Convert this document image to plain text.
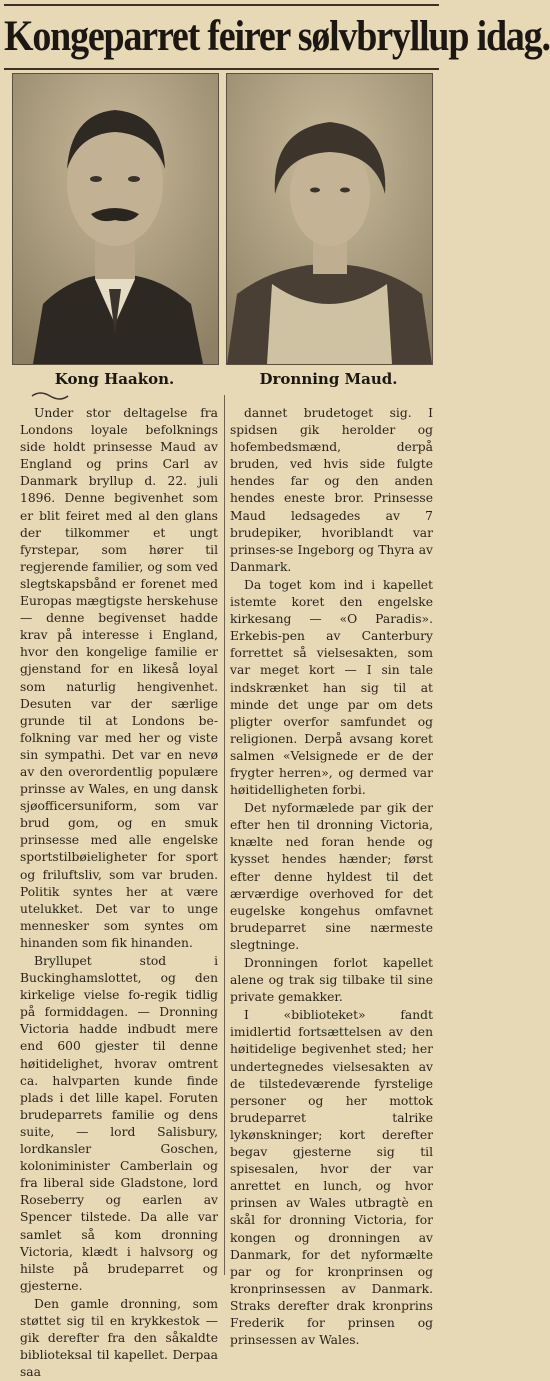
Kongeparret feirer sølvbryllup idag.
Kong Haakon.	Dronning Maud.

Under stor deltagelse fra Londons loyale befolknings side holdt prinsesse Maud av England og prins Carl av Danmark bryllup d. 22. juli 1896. Denne begivenhet som er blit feiret med al den glans der tilkommer et ungt fyrstepar, som hører til regjerende familier, og som ved slegtskapsbånd er forenet med Europas mægtigste herskehuse — denne begivenset hadde krav på interesse i England, hvor den kongelige familie er gjenstand for en likeså loyal som naturlig hengivenhet. Desuten var der særlige grunde til at Londons be-folkning var med her og viste sin sympathi. Det var en nevø av den overordentlig populære prinsse av Wales, en ung dansk sjøofficersuniform, som var brud gom, og en smuk prinsesse med alle engelske sportstilbøieligheter for sport og friluftsliv, som var bruden. Politik syntes her at være utelukket. Det var to unge mennesker som syntes om hinanden som fik hinanden.

Bryllupet stod i Buckinghamslottet, og den kirkelige vielse fo-regik tidlig på formiddagen. — Dronning Victoria hadde indbudt mere end 600 gjester til denne høitidelighet, hvorav omtrent ca. halvparten kunde finde plads i det lille kapel. Foruten brudeparrets familie og dens suite, — lord Salisbury, lordkansler Goschen, koloniminister Camberlain og fra liberal side Gladstone, lord Roseberry og earlen av Spencer tilstede. Da alle var samlet så kom dronning Victoria, klædt i halvsorg og hilste på brudeparret og gjesterne.

Den gamle dronning, som støttet sig til en krykkestok — gik derefter fra den såkaldte biblioteksal til kapellet. Derpaa saa

dannet brudetoget sig. I spidsen gik herolder og hofembedsmænd, derpå bruden, ved hvis side fulgte hendes far og den anden hendes eneste bror. Prinsesse Maud ledsagedes av 7 brudepiker, hvoriblandt var prinses-se Ingeborg og Thyra av Danmark.

Da toget kom ind i kapellet istemte koret den engelske kirkesang — «O Paradis». Erkebis-pen av Canterbury forrettet så vielsesakten, som var meget kort — I sin tale indskrænket han sig til at minde det unge par om dets pligter overfor samfundet og religionen. Derpå avsang koret salmen «Velsignede er de der frygter herren», og dermed var høitidelligheten forbi.

Det nyformælede par gik der efter hen til dronning Victoria, knælte ned foran hende og kysset hendes hænder; først efter denne hyldest til det ærværdige overhoved for det eugelske kongehus omfavnet brudeparret sine nærmeste slegtninge.

Dronningen forlot kapellet alene og trak sig tilbake til sine private gemakker.

I «biblioteket» fandt imidlertid fortsættelsen av den høitidelige begivenhet sted; her undertegnedes vielsesakten av de tilstedeværende fyrstelige personer og her mottok brudeparret talrike lykønskninger; kort derefter begav gjesterne sig til spisesalen, hvor der var anrettet en lunch, og hvor prinsen av Wales utbragtè en skål for dronning Victoria, for kongen og dronningen av Danmark, for det nyformælte par og for kronprinsen og kronprinsessen av Danmark. Straks derefter drak kronprins Frederik for prinsen og prinsessen av Wales.
